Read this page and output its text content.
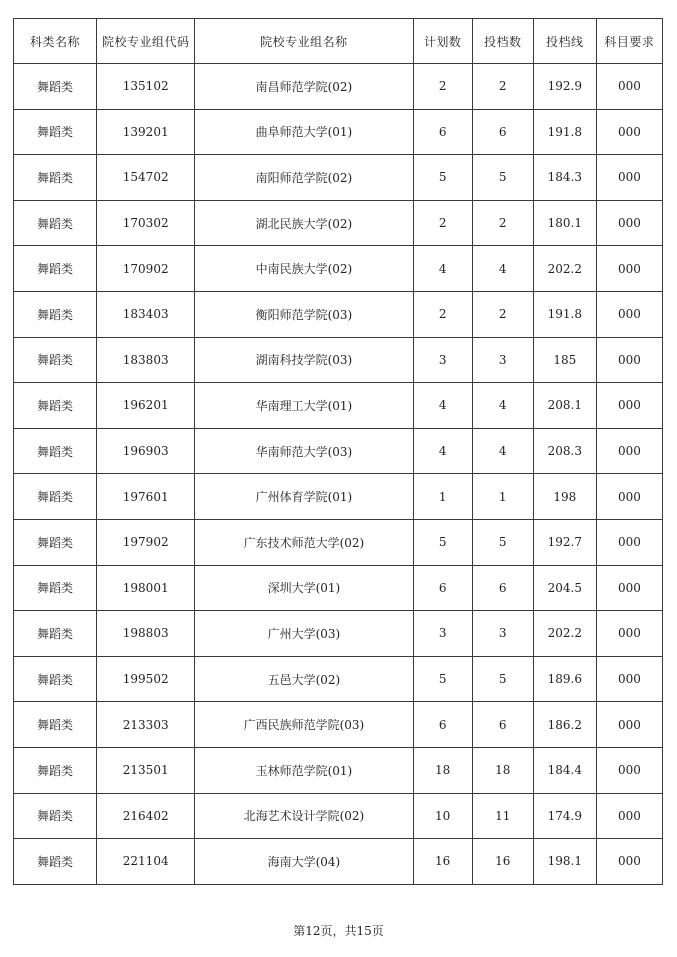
科类名称	院校专业组代码	院校专业组名称	计划数	投档数	投档线	科目要求
舞蹈类	135102	南昌师范学院(02)	2	2	192.9	000
舞蹈类	139201	曲阜师范大学(01)	6	6	191.8	000
舞蹈类	154702	南阳师范学院(02)	5	5	184.3	000
舞蹈类	170302	湖北民族大学(02)	2	2	180.1	000
舞蹈类	170902	中南民族大学(02)	4	4	202.2	000
舞蹈类	183403	衡阳师范学院(03)	2	2	191.8	000
舞蹈类	183803	湖南科技学院(03)	3	3	185	000
舞蹈类	196201	华南理工大学(01)	4	4	208.1	000
舞蹈类	196903	华南师范大学(03)	4	4	208.3	000
舞蹈类	197601	广州体育学院(01)	1	1	198	000
舞蹈类	197902	广东技术师范大学(02)	5	5	192.7	000
舞蹈类	198001	深圳大学(01)	6	6	204.5	000
舞蹈类	198803	广州大学(03)	3	3	202.2	000
舞蹈类	199502	五邑大学(02)	5	5	189.6	000
舞蹈类	213303	广西民族师范学院(03)	6	6	186.2	000
舞蹈类	213501	玉林师范学院(01)	18	18	184.4	000
舞蹈类	216402	北海艺术设计学院(02)	10	11	174.9	000
舞蹈类	221104	海南大学(04)	16	16	198.1	000
第12页，共15页
